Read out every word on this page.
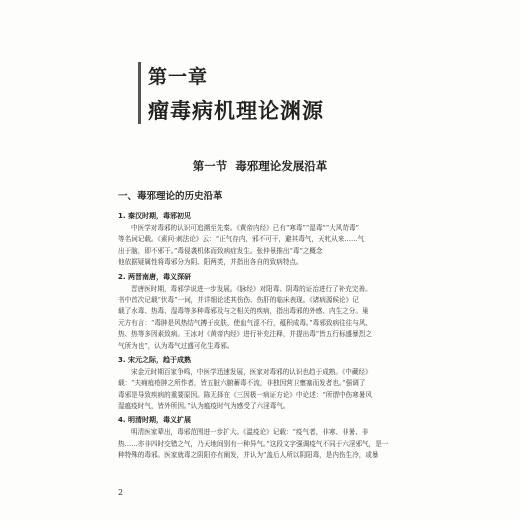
第一章
瘤毒病机理论渊源
第一节 毒邪理论发展沿革
一、毒邪理论的历史沿革
1. 秦汉时期，毒邪初见
中医学对毒邪的认识可追溯至先秦。《黄帝内经》已有“寒毒”“湿毒”“大风苛毒”
等名词记载。《素问·刺法论》云：“正气存内，邪不可干，避其毒气，天牝从来……气
出于脑，即不邪干。”毒侵袭机体而致病症发生。张仲景推出“毒”之概念
他依据疑属性将毒邪分为阴、阳两类，并指出各自的致病特点。
2. 两晋南唐，毒义深研
晋唐医时期，毒邪学说进一步发展。《脉经》对阳毒、阴毒的证治进行了补充完善。
书中首次记载“伏毒”一词，并详细论述其伤伤、伤肝的临床表现。《诸病源候论》记
载了水毒、热毒、湿毒等多种毒邪及与之相关的疾病，指出毒邪的外感、内生之分。巢
元方有言：“毒肿是风热结气搏于皮肤，使血气涩不行，蕴积成毒。”毒邪致病往往与风、
热、热等多因素致病。王冰对《黄帝内经》进行补充注释，并提出毒“皆五行标盛暴烈之
气所为也”，认为毒气过盛可化生毒邪。
3. 宋元之际，趋于成熟
宋金元时期百家争鸣，中医学迅速发展，医家对毒邪的认识也趋于成熟。《中藏经》
载：“夫痈疽疮肿之所作者，皆五脏六腑蓄毒不流，非独因营卫壅塞而发者也。”强调了
毒邪是导致疾病的重要原因。陈无择在《三因极一病证方论》中论述：“所谓中伤寒暑风
湿瘟疫时气，皆外所因。”认为瘟疫时气为感受了六淫毒气。
4. 明清时期，毒义扩展
明清医家辈出，毒邪范围进一步扩大。《温疫论》记载：“疫气者，非寒、非暑、非
热……亦非四时交错之气，乃天地间别有一种异气。”这段文字强调疫气不同于六淫邪气，是一
种特殊的毒邪。医家就毒之阴阳亦有阐发，并认为“盖后人所以阴阳毒，是内伤生冷，或暴
2
